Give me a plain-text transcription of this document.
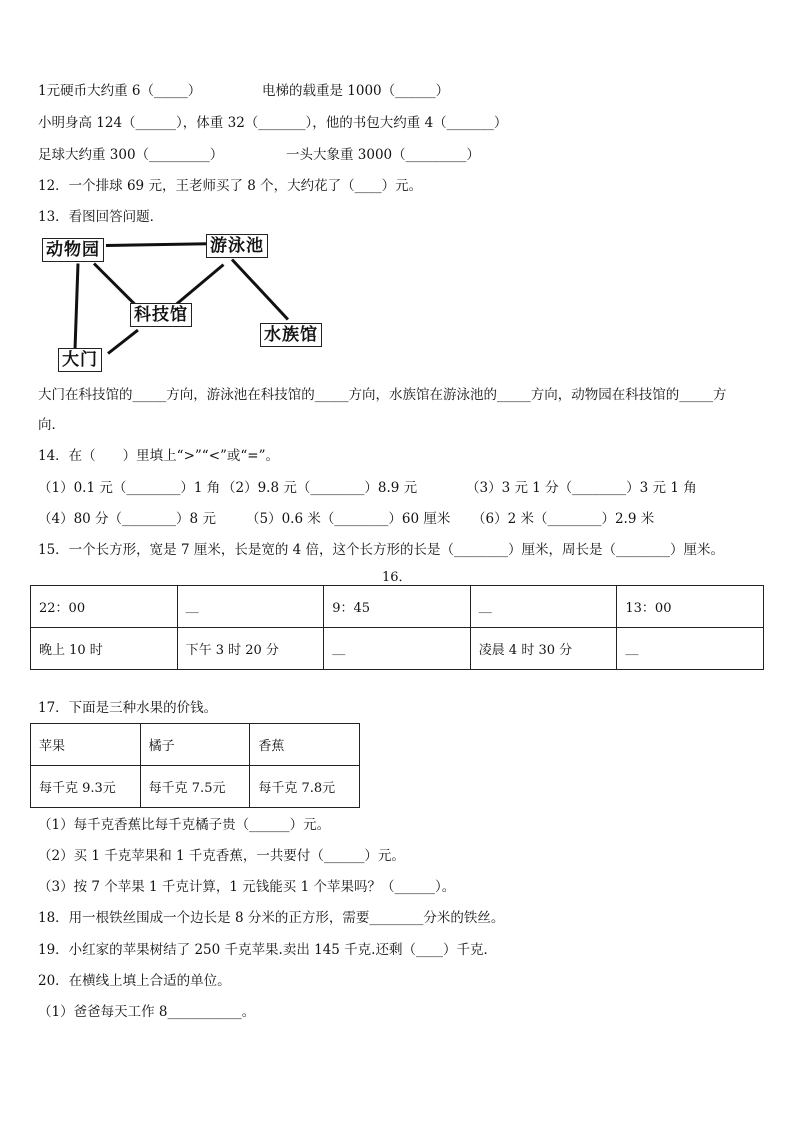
1元硬币大约重 6（_____）	电梯的载重是 1000（______）
小明身高 124（______），体重 32（_______），他的书包大约重 4（_______）
足球大约重 300（_________）	一头大象重 3000（_________）
12．一个排球 69 元，王老师买了 8 个，大约花了（____）元。
13．看图回答问题．
动物园	游泳池
科技馆
大门
水族馆
大门在科技馆的_____方向，游泳池在科技馆的_____方向，水族馆在游泳池的_____方向，动物园在科技馆的_____方
向．
14．在（　　）里填上“>”“<”或“=”。
（1）0.1 元（________）1 角 （2）9.8 元（________）8.9 元	（3）3 元 1 分（________）3 元 1 角
（4）80 分（________）8 元 （5）0.6 米（________）60 厘米 （6）2 米（________）2.9 米
15．一个长方形，宽是 7 厘米，长是宽的 4 倍，这个长方形的长是（________）厘米，周长是（________）厘米。
16．
22：00	__	9：45	__	13：00
晚上 10 时	下午 3 时 20 分	__	凌晨 4 时 30 分	__
17．下面是三种水果的价钱。
苹果	橘子	香蕉
每千克 9.3元	每千克 7.5元	每千克 7.8元
（1）每千克香蕉比每千克橘子贵（______）元。
（2）买 1 千克苹果和 1 千克香蕉，一共要付（______）元。
（3）按 7 个苹果 1 千克计算，1 元钱能买 1 个苹果吗？（______）。
18．用一根铁丝围成一个边长是 8 分米的正方形，需要________分米的铁丝。
19．小红家的苹果树结了 250 千克苹果.卖出 145 千克.还剩（____）千克．
20．在横线上填上合适的单位。
（1）爸爸每天工作 8___________。
